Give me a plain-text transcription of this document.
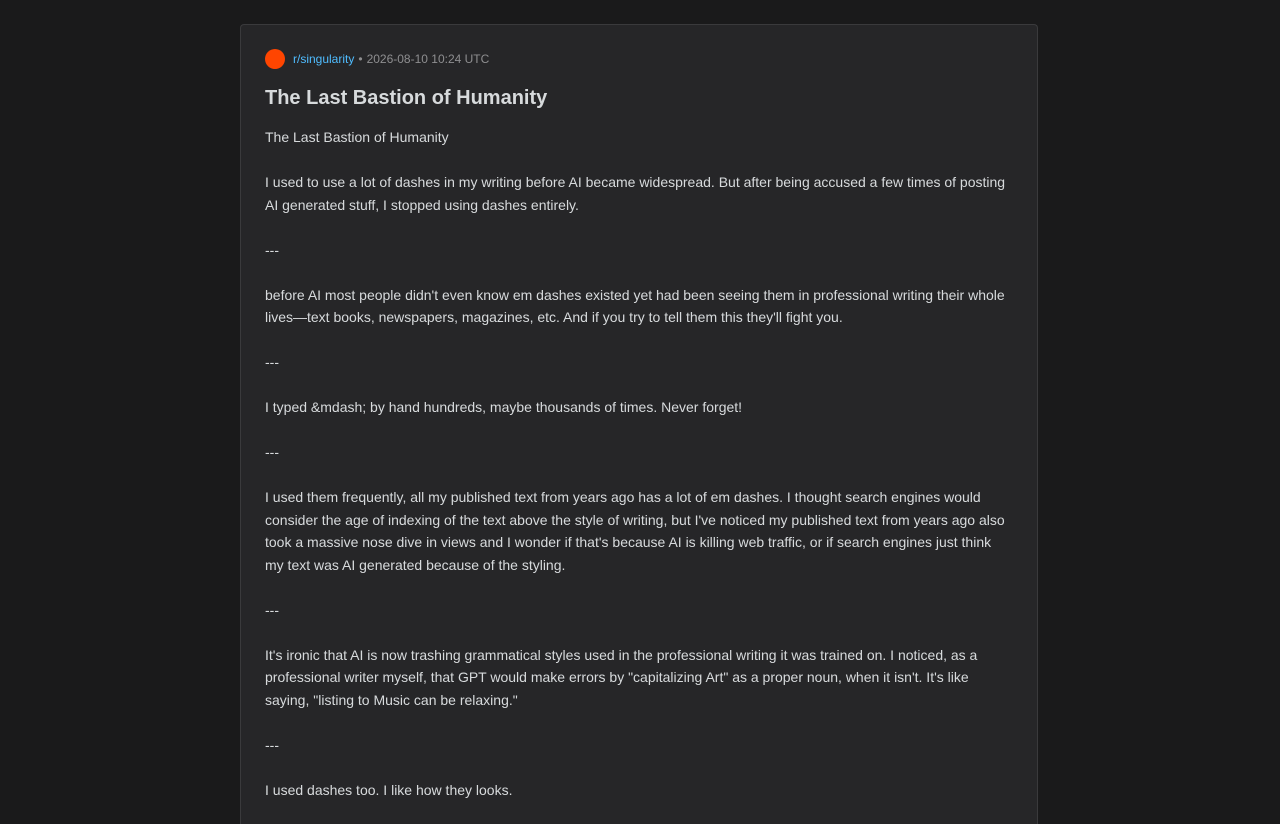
r/singularity • 2026-08-10 10:24 UTC
The Last Bastion of Humanity

The Last Bastion of Humanity

I used to use a lot of dashes in my writing before AI became widespread. But after being accused a few times of posting AI generated stuff, I stopped using dashes entirely.

---

before AI most people didn't even know em dashes existed yet had been seeing them in professional writing their whole lives—text books, newspapers, magazines, etc. And if you try to tell them this they'll fight you.

---

I typed &mdash; by hand hundreds, maybe thousands of times. Never forget!

---

I used them frequently, all my published text from years ago has a lot of em dashes. I thought search engines would consider the age of indexing of the text above the style of writing, but I've noticed my published text from years ago also took a massive nose dive in views and I wonder if that's because AI is killing web traffic, or if search engines just think my text was AI generated because of the styling.

---

It's ironic that AI is now trashing grammatical styles used in the professional writing it was trained on. I noticed, as a professional writer myself, that GPT would make errors by "capitalizing Art" as a proper noun, when it isn't. It's like saying, "listing to Music can be relaxing."

---

I used dashes too. I like how they looks.
